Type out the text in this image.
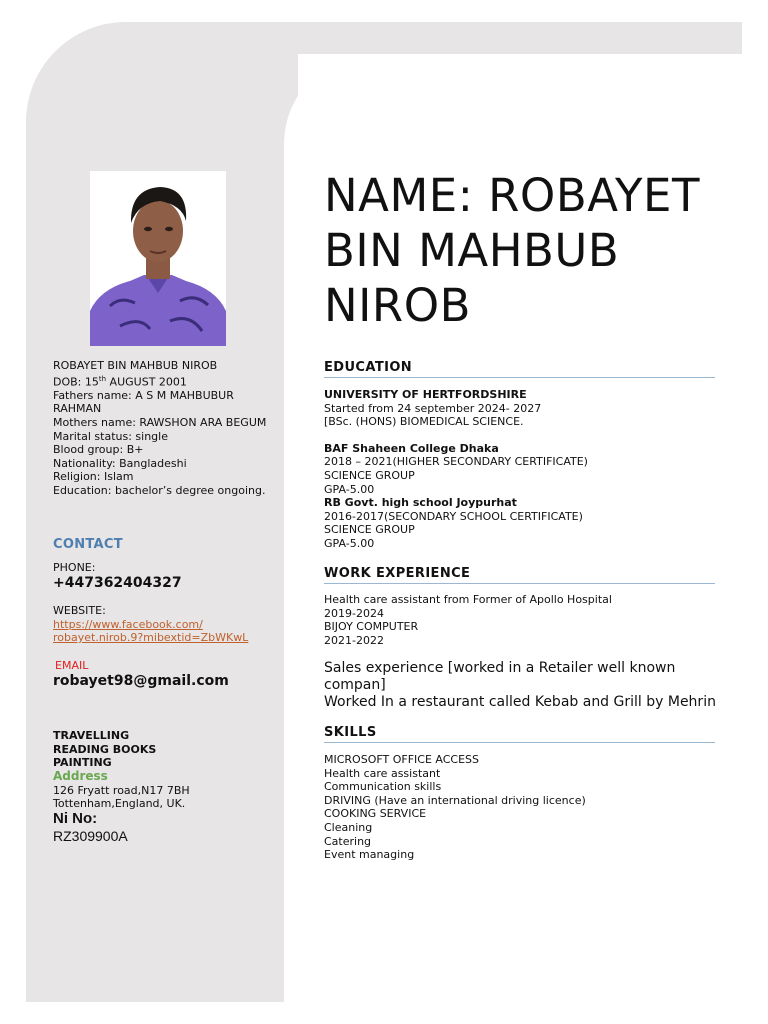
ROBAYET BIN MAHBUB NIROB
DOB: 15th AUGUST 2001
Fathers name: A S M MAHBUBUR RAHMAN
Mothers name: RAWSHON ARA BEGUM
Marital status: single
Blood group: B+
Nationality: Bangladeshi
Religion: Islam
Education: bachelor’s degree ongoing.
CONTACT
PHONE:
+447362404327
WEBSITE:
https://www.facebook.com/
robayet.nirob.9?mibextid=ZbWKwL
EMAIL
robayet98@gmail.com
TRAVELLING
READING BOOKS
PAINTING
Address
126 Fryatt road,N17 7BH
Tottenham,England, UK.
Ni No:
RZ309900A
NAME: ROBAYET
BIN MAHBUB
NIROB
EDUCATION
UNIVERSITY OF HERTFORDSHIRE
Started from 24 september 2024- 2027
[BSc. (HONS) BIOMEDICAL SCIENCE.
BAF Shaheen College Dhaka
2018 – 2021(HIGHER SECONDARY CERTIFICATE)
SCIENCE GROUP
GPA-5.00
RB Govt. high school Joypurhat
2016-2017(SECONDARY SCHOOL CERTIFICATE)
SCIENCE GROUP
GPA-5.00
WORK EXPERIENCE
Health care assistant from Former of Apollo Hospital
2019-2024
BIJOY COMPUTER
2021-2022
Sales experience [worked in a Retailer well known compan]
Worked In a restaurant called Kebab and Grill by Mehrin
SKILLS
MICROSOFT OFFICE ACCESS
Health care assistant
Communication skills
DRIVING (Have an international driving licence)
COOKING SERVICE
Cleaning
Catering
Event managing
